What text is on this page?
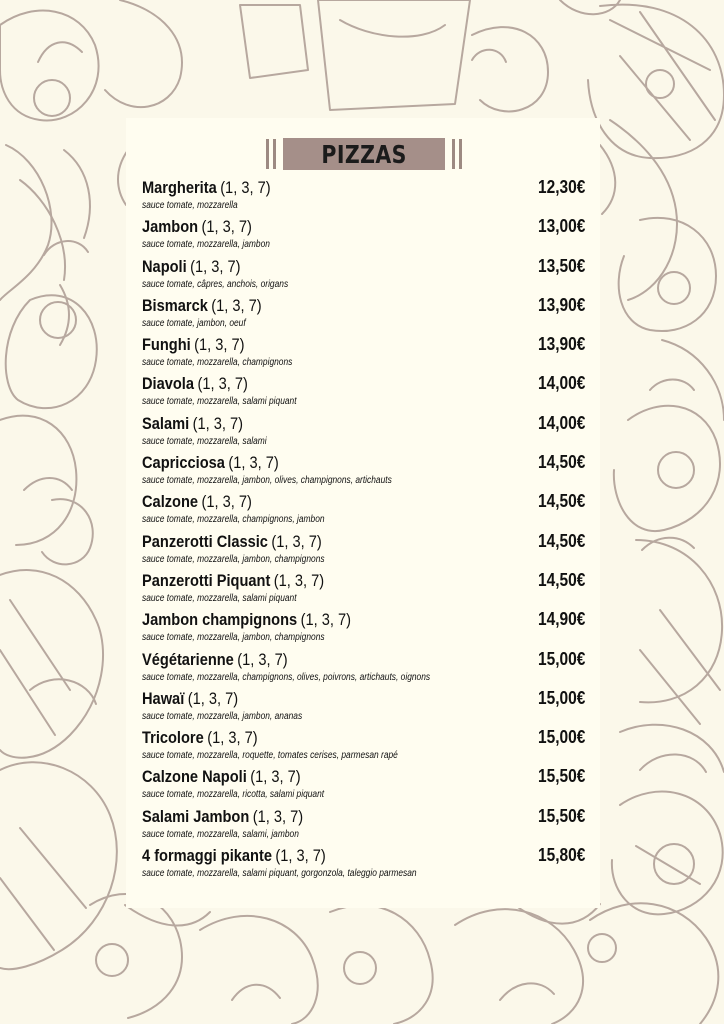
PIZZAS
Margherita (1, 3, 7)	12,30€
sauce tomate, mozzarella
Jambon (1, 3, 7)	13,00€
sauce tomate, mozzarella, jambon
Napoli (1, 3, 7)	13,50€
sauce tomate, câpres, anchois, origans
Bismarck (1, 3, 7)	13,90€
sauce tomate, jambon, oeuf
Funghi (1, 3, 7)	13,90€
sauce tomate, mozzarella, champignons
Diavola (1, 3, 7)	14,00€
sauce tomate, mozzarella, salami piquant
Salami (1, 3, 7)	14,00€
sauce tomate, mozzarella, salami
Capricciosa (1, 3, 7)	14,50€
sauce tomate, mozzarella, jambon, olives, champignons, artichauts
Calzone (1, 3, 7)	14,50€
sauce tomate, mozzarella, champignons, jambon
Panzerotti Classic (1, 3, 7)	14,50€
sauce tomate, mozzarella, jambon, champignons
Panzerotti Piquant (1, 3, 7)	14,50€
sauce tomate, mozzarella, salami piquant
Jambon champignons (1, 3, 7)	14,90€
sauce tomate, mozzarella, jambon, champignons
Végétarienne (1, 3, 7)	15,00€
sauce tomate, mozzarella, champignons, olives, poivrons, artichauts, oignons
Hawaï (1, 3, 7)	15,00€
sauce tomate, mozzarella, jambon, ananas
Tricolore (1, 3, 7)	15,00€
sauce tomate, mozzarella, roquette, tomates cerises, parmesan rapé
Calzone Napoli (1, 3, 7)	15,50€
sauce tomate, mozzarella, ricotta, salami piquant
Salami Jambon (1, 3, 7)	15,50€
sauce tomate, mozzarella, salami, jambon
4 formaggi pikante (1, 3, 7)	15,80€
sauce tomate, mozzarella, salami piquant, gorgonzola, taleggio parmesan
